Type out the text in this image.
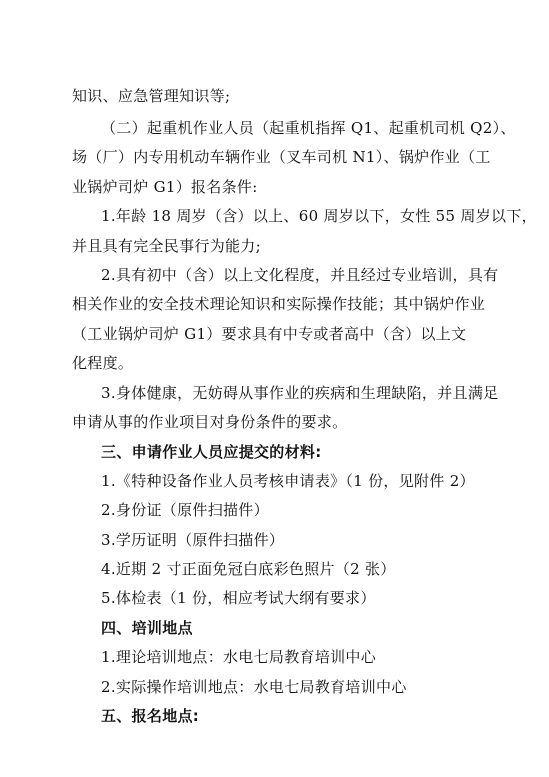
知识、应急管理知识等;
（二）起重机作业人员（起重机指挥 Q1、起重机司机 Q2）、
场（厂）内专用机动车辆作业（叉车司机 N1）、锅炉作业（工
业锅炉司炉 G1）报名条件:
1.年龄 18 周岁（含）以上、60 周岁以下，女性 55 周岁以下，
并且具有完全民事行为能力;
2.具有初中（含）以上文化程度，并且经过专业培训，具有
相关作业的安全技术理论知识和实际操作技能；其中锅炉作业
（工业锅炉司炉 G1）要求具有中专或者高中（含）以上文
化程度。
3.身体健康，无妨碍从事作业的疾病和生理缺陷，并且满足
申请从事的作业项目对身份条件的要求。
三、申请作业人员应提交的材料:
1.《特种设备作业人员考核申请表》（1 份，见附件 2）
2.身份证（原件扫描件）
3.学历证明（原件扫描件）
4.近期 2 寸正面免冠白底彩色照片（2 张）
5.体检表（1 份，相应考试大纲有要求）
四、培训地点
1.理论培训地点：水电七局教育培训中心
2.实际操作培训地点：水电七局教育培训中心
五、报名地点:
